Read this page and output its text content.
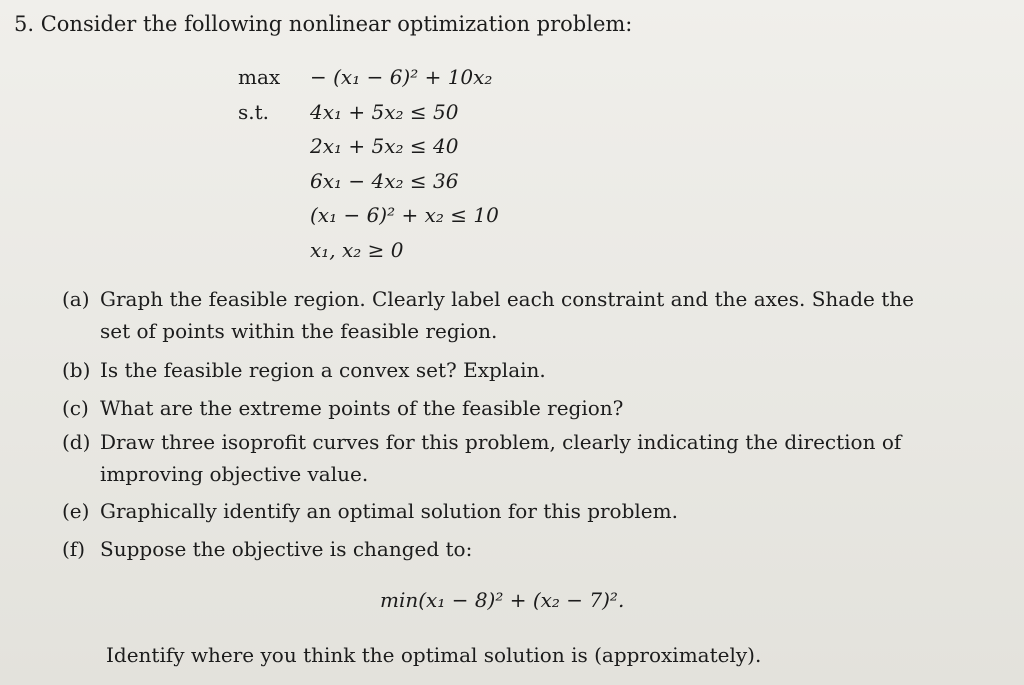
5. Consider the following nonlinear optimization problem:
max	− (x₁ − 6)² + 10x₂
s.t.	4x₁ + 5x₂ ≤ 50
2x₁ + 5x₂ ≤ 40
6x₁ − 4x₂ ≤ 36
(x₁ − 6)² + x₂ ≤ 10
x₁, x₂ ≥ 0
(a) Graph the feasible region. Clearly label each constraint and the axes. Shade the set of points within the feasible region.
(b) Is the feasible region a convex set? Explain.
(c) What are the extreme points of the feasible region?
(d) Draw three isoprofit curves for this problem, clearly indicating the direction of improving objective value.
(e) Graphically identify an optimal solution for this problem.
(f) Suppose the objective is changed to:
min(x₁ − 8)² + (x₂ − 7)².
Identify where you think the optimal solution is (approximately).
